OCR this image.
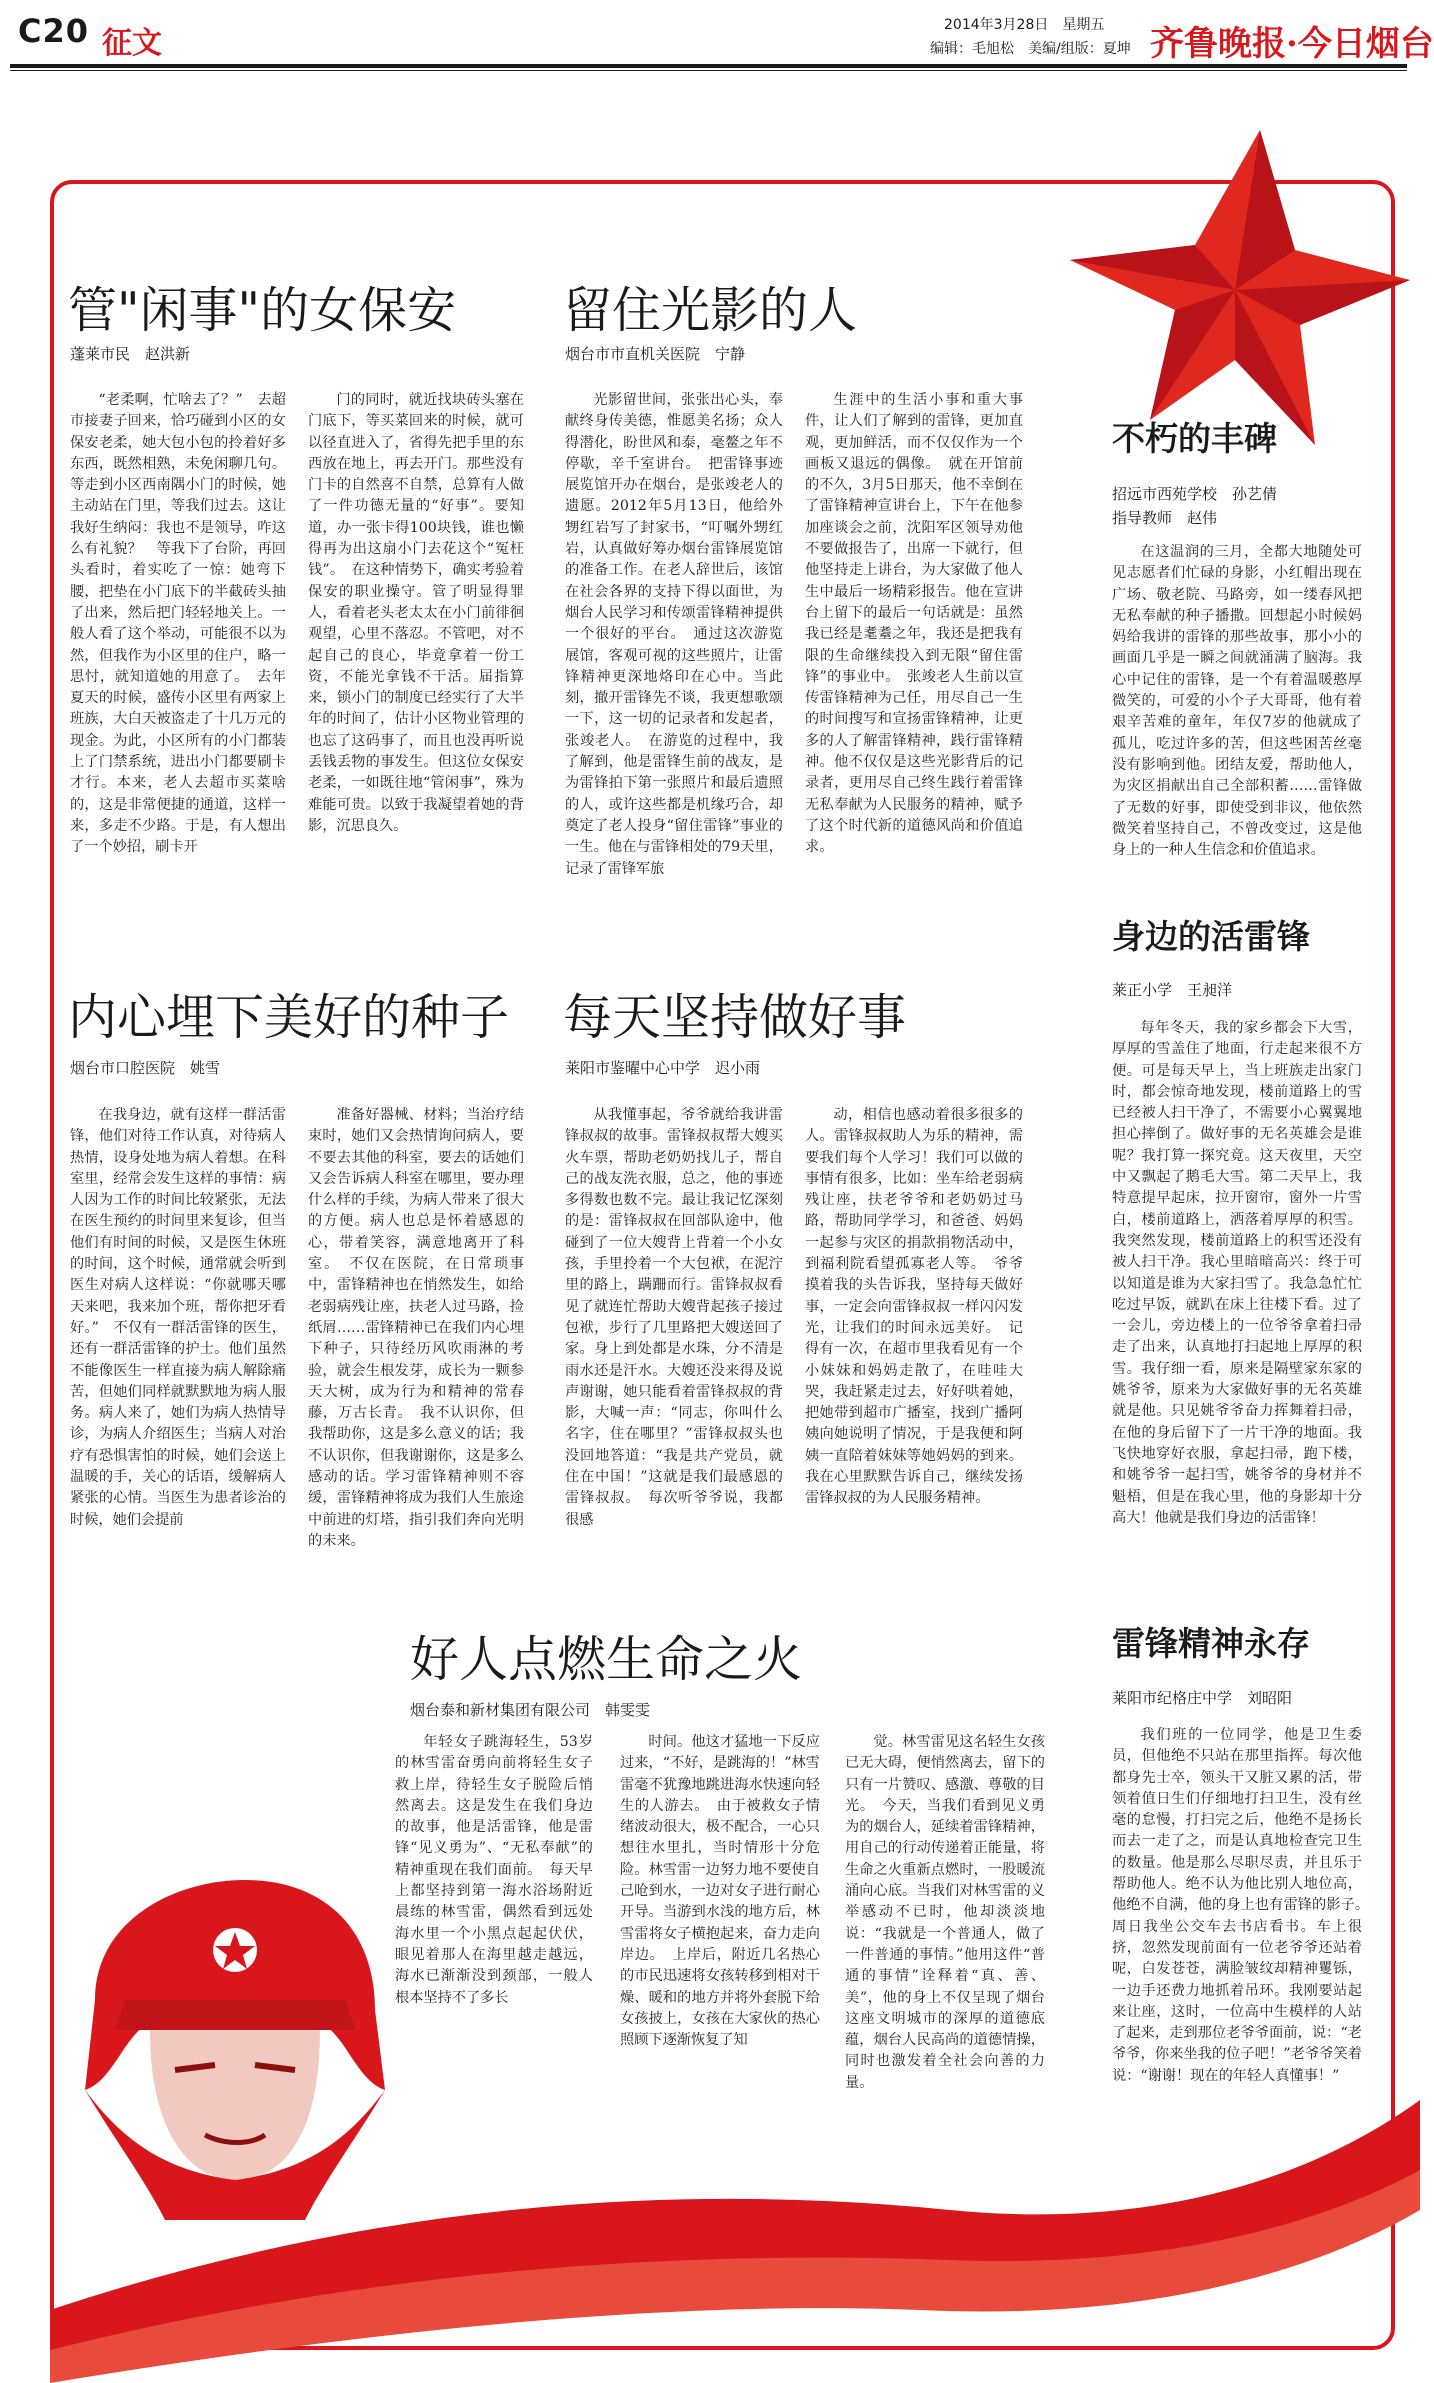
C20 征文
2014年3月28日　星期五
编辑：毛旭松　美编/组版：夏坤 齐鲁晚报·今日烟台
管"闲事"的女保安
蓬莱市民　赵洪新

“老柔啊，忙啥去了？”　去超市接妻子回来，恰巧碰到小区的女保安老柔，她大包小包的拎着好多东西，既然相熟，未免闲聊几句。等走到小区西南隅小门的时候，她主动站在门里，等我们过去。这让我好生纳闷：我也不是领导，咋这么有礼貌？　等我下了台阶，再回头看时，着实吃了一惊：她弯下腰，把垫在小门底下的半截砖头抽了出来，然后把门轻轻地关上。一般人看了这个举动，可能很不以为然，但我作为小区里的住户，略一思忖，就知道她的用意了。　去年夏天的时候，盛传小区里有两家上班族，大白天被盗走了十几万元的现金。为此，小区所有的小门都装上了门禁系统，进出小门都要刷卡才行。本来，老人去超市买菜啥的，这是非常便捷的通道，这样一来，多走不少路。于是，有人想出了一个妙招，刷卡开

门的同时，就近找块砖头塞在门底下，等买菜回来的时候，就可以径直进入了，省得先把手里的东西放在地上，再去开门。那些没有门卡的自然喜不自禁，总算有人做了一件功德无量的“好事”。要知道，办一张卡得100块钱，谁也懒得再为出这扇小门去花这个“冤枉钱”。　在这种情势下，确实考验着保安的职业操守。管了明显得罪人，看着老头老太太在小门前徘徊观望，心里不落忍。不管吧，对不起自己的良心，毕竟拿着一份工资，不能光拿钱不干活。届指算来，锁小门的制度已经实行了大半年的时间了，估计小区物业管理的也忘了这码事了，而且也没再听说丢钱丢物的事发生。但这位女保安老柔，一如既往地“管闲事”，殊为难能可贵。以致于我凝望着她的背影，沉思良久。

留住光影的人
烟台市市直机关医院　宁静

光影留世间，张张出心头，奉献终身传美德，惟愿美名扬；众人得潜化，盼世风和泰，毫鳌之年不停歇，辛千室讲台。　把雷锋事迹展览馆开办在烟台，是张竣老人的遗愿。2012年5月13日，他给外甥红岩写了封家书，“叮嘱外甥红岩，认真做好筹办烟台雷锋展览馆的准备工作。在老人辞世后，该馆在社会各界的支持下得以面世，为烟台人民学习和传颂雷锋精神提供一个很好的平台。　通过这次游览展馆，客观可视的这些照片，让雷锋精神更深地烙印在心中。当此刻，撤开雷锋先不谈，我更想歌颂一下，这一切的记录者和发起者，张竣老人。　在游览的过程中，我了解到，他是雷锋生前的战友，是为雷锋拍下第一张照片和最后遗照的人，或许这些都是机缘巧合，却奠定了老人投身“留住雷锋”事业的一生。他在与雷锋相处的79天里，记录了雷锋军旅

生涯中的生活小事和重大事件，让人们了解到的雷锋，更加直观，更加鲜活，而不仅仅作为一个画板又退远的偶像。　就在开馆前的不久，3月5日那天，他不幸倒在了雷锋精神宣讲台上，下午在他参加座谈会之前，沈阳军区领导劝他不要做报告了，出席一下就行，但他坚持走上讲台，为大家做了他人生中最后一场精彩报告。他在宣讲台上留下的最后一句话就是：虽然我已经是耄耋之年，我还是把我有限的生命继续投入到无限“留住雷锋”的事业中。　张竣老人生前以宣传雷锋精神为己任，用尽自己一生的时间搜写和宣扬雷锋精神，让更多的人了解雷锋精神，践行雷锋精神。他不仅仅是这些光影背后的记录者，更用尽自己终生践行着雷锋无私奉献为人民服务的精神，赋予了这个时代新的道德风尚和价值追求。

内心埋下美好的种子
烟台市口腔医院　姚雪

在我身边，就有这样一群活雷锋，他们对待工作认真，对待病人热情，设身处地为病人着想。在科室里，经常会发生这样的事情：病人因为工作的时间比较紧张，无法在医生预约的时间里来复诊，但当他们有时间的时候，又是医生休班的时间，这个时候，通常就会听到医生对病人这样说：“你就哪天哪天来吧，我来加个班，帮你把牙看好。”　不仅有一群活雷锋的医生，还有一群活雷锋的护士。他们虽然不能像医生一样直接为病人解除痛苦，但她们同样就默默地为病人服务。病人来了，她们为病人热情导诊，为病人介绍医生；当病人对治疗有恐惧害怕的时候，她们会送上温暖的手，关心的话语，缓解病人紧张的心情。当医生为患者诊治的时候，她们会提前

准备好器械、材料；当治疗结束时，她们又会热情询问病人，要不要去其他的科室，要去的话她们又会告诉病人科室在哪里，要办理什么样的手续，为病人带来了很大的方便。病人也总是怀着感恩的心，带着笑容，满意地离开了科室。　不仅在医院，在日常琐事中，雷锋精神也在悄然发生，如给老弱病残让座，扶老人过马路，捡纸屑……雷锋精神已在我们内心埋下种子，只待经历风吹雨淋的考验，就会生根发芽，成长为一颗参天大树，成为行为和精神的常春藤，万古长青。　我不认识你，但我帮助你，这是多么意义的话；我不认识你，但我谢谢你，这是多么感动的话。学习雷锋精神则不容缓，雷锋精神将成为我们人生旅途中前进的灯塔，指引我们奔向光明的未来。

每天坚持做好事
莱阳市鉴曜中心中学　迟小雨

从我懂事起，爷爷就给我讲雷锋叔叔的故事。雷锋叔叔帮大嫂买火车票，帮助老奶奶找儿子，帮自己的战友洗衣服，总之，他的事迹多得数也数不完。最让我记忆深刻的是：雷锋叔叔在回部队途中，他碰到了一位大嫂背上背着一个小女孩，手里拎着一个大包袱，在泥泞里的路上，蹒跚而行。雷锋叔叔看见了就连忙帮助大嫂背起孩子接过包袱，步行了几里路把大嫂送回了家。身上到处都是水珠，分不清是雨水还是汗水。大嫂还没来得及说声谢谢，她只能看着雷锋叔叔的背影，大喊一声：“同志，你叫什么名字，住在哪里？”雷锋叔叔头也没回地答道：“我是共产党员，就住在中国！”这就是我们最感恩的雷锋叔叔。　每次听爷爷说，我都很感

动，相信也感动着很多很多的人。雷锋叔叔助人为乐的精神，需要我们每个人学习！我们可以做的事情有很多，比如：坐车给老弱病残让座，扶老爷爷和老奶奶过马路，帮助同学学习，和爸爸、妈妈一起参与灾区的捐款捐物活动中，到福利院看望孤寡老人等。　爷爷摸着我的头告诉我，坚持每天做好事，一定会向雷锋叔叔一样闪闪发光，让我们的时间永远美好。　记得有一次，在超市里我看见有一个小妹妹和妈妈走散了，在哇哇大哭，我赶紧走过去，好好哄着她，把她带到超市广播室，找到广播阿姨向她说明了情况，于是我便和阿姨一直陪着妹妹等她妈妈的到来。我在心里默默告诉自己，继续发扬雷锋叔叔的为人民服务精神。

好人点燃生命之火
烟台泰和新材集团有限公司　韩雯雯

年轻女子跳海轻生，53岁的林雪雷奋勇向前将轻生女子救上岸，待轻生女子脱险后悄然离去。这是发生在我们身边的故事，他是活雷锋，他是雷锋“见义勇为”、“无私奉献”的精神重现在我们面前。　每天早上都坚持到第一海水浴场附近晨练的林雪雷，偶然看到远处海水里一个小黑点起起伏伏，眼见着那人在海里越走越远，海水已渐渐没到颈部，一般人根本坚持不了多长

时间。他这才猛地一下反应过来，“不好，是跳海的！”林雪雷毫不犹豫地跳进海水快速向轻生的人游去。　由于被救女子情绪波动很大，极不配合，一心只想往水里扎，当时情形十分危险。林雪雷一边努力地不要使自己呛到水，一边对女子进行耐心开导。当游到水浅的地方后，林雪雷将女子横抱起来，奋力走向岸边。　上岸后，附近几名热心的市民迅速将女孩转移到相对干燥、暖和的地方并将外套脱下给女孩披上，女孩在大家伙的热心照顾下逐渐恢复了知

觉。林雪雷见这名轻生女孩已无大碍，便悄然离去，留下的只有一片赞叹、感激、尊敬的目光。　今天，当我们看到见义勇为的烟台人，延续着雷锋精神，用自己的行动传递着正能量，将生命之火重新点燃时，一股暖流涌向心底。当我们对林雪雷的义举感动不已时，他却淡淡地说：“我就是一个普通人，做了一件普通的事情。”他用这件“普通的事情”诠释着“真、善、美”，他的身上不仅呈现了烟台这座文明城市的深厚的道德底蕴，烟台人民高尚的道德情操，同时也激发着全社会向善的力量。

不朽的丰碑
招远市西苑学校　孙艺倩
指导教师　赵伟

在这温润的三月，全都大地随处可见志愿者们忙碌的身影，小红帽出现在广场、敬老院、马路旁，如一缕春风把无私奉献的种子播撒。回想起小时候妈妈给我讲的雷锋的那些故事，那小小的画面几乎是一瞬之间就涌满了脑海。我心中记住的雷锋，是一个有着温暖憨厚微笑的，可爱的小个子大哥哥，他有着艰辛苦难的童年，年仅7岁的他就成了孤儿，吃过许多的苦，但这些困苦丝毫没有影响到他。团结友爱，帮助他人，为灾区捐献出自己全部积蓄……雷锋做了无数的好事，即使受到非议，他依然微笑着坚持自己，不曾改变过，这是他身上的一种人生信念和价值追求。

身边的活雷锋
莱正小学　王昶洋

每年冬天，我的家乡都会下大雪，厚厚的雪盖住了地面，行走起来很不方便。可是每天早上，当上班族走出家门时，都会惊奇地发现，楼前道路上的雪已经被人扫干净了，不需要小心翼翼地担心摔倒了。做好事的无名英雄会是谁呢？我打算一探究竟。这天夜里，天空中又飘起了鹅毛大雪。第二天早上，我特意提早起床，拉开窗帘，窗外一片雪白，楼前道路上，洒落着厚厚的积雪。我突然发现，楼前道路上的积雪还没有被人扫干净。我心里暗暗高兴：终于可以知道是谁为大家扫雪了。我急急忙忙吃过早饭，就趴在床上往楼下看。过了一会儿，旁边楼上的一位爷爷拿着扫帚走了出来，认真地打扫起地上厚厚的积雪。我仔细一看，原来是隔壁家东家的姚爷爷，原来为大家做好事的无名英雄就是他。只见姚爷爷奋力挥舞着扫帚，在他的身后留下了一片干净的地面。我飞快地穿好衣服，拿起扫帚，跑下楼，和姚爷爷一起扫雪，姚爷爷的身材并不魁梧，但是在我心里，他的身影却十分高大！他就是我们身边的活雷锋！

雷锋精神永存
莱阳市纪格庄中学　刘昭阳

我们班的一位同学，他是卫生委员，但他绝不只站在那里指挥。每次他都身先士卒，领头干又脏又累的活，带领着值日生们仔细地打扫卫生，没有丝毫的怠慢，打扫完之后，他绝不是扬长而去一走了之，而是认真地检查完卫生的数量。他是那么尽职尽责，并且乐于帮助他人。绝不认为他比别人地位高，他绝不自满，他的身上也有雷锋的影子。　周日我坐公交车去书店看书。车上很挤，忽然发现前面有一位老爷爷还站着呢，白发苍苍，满脸皱纹却精神矍铄，一边手还费力地抓着吊环。我刚要站起来让座，这时，一位高中生模样的人站了起来，走到那位老爷爷面前，说：“老爷爷，你来坐我的位子吧！”老爷爷笑着说：“谢谢！现在的年轻人真懂事！”
